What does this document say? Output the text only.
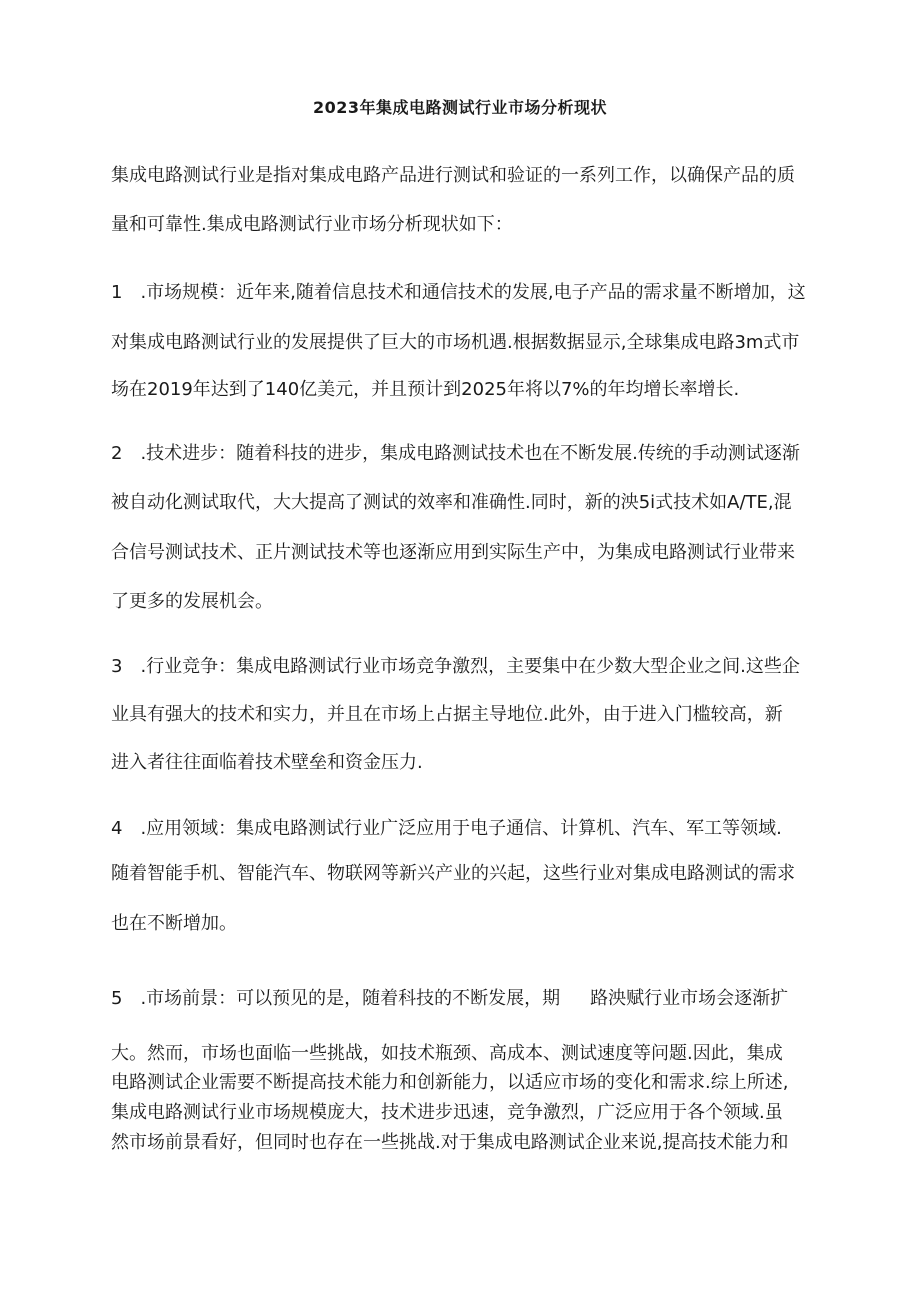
2023年集成电路测试行业市场分析现状
集成电路测试行业是指对集成电路产品进行测试和验证的一系列工作，以确保产品的质
量和可靠性.集成电路测试行业市场分析现状如下：
1　.市场规模：近年来,随着信息技术和通信技术的发展,电子产品的需求量不断增加，这
对集成电路测试行业的发展提供了巨大的市场机遇.根据数据显示,全球集成电路3m式市
场在2019年达到了140亿美元，并且预计到2025年将以7%的年均增长率增长.
2　.技术进步：随着科技的进步，集成电路测试技术也在不断发展.传统的手动测试逐渐
被自动化测试取代，大大提高了测试的效率和准确性.同时，新的泱5i式技术如A/TE,混
合信号测试技术、正片测试技术等也逐渐应用到实际生产中，为集成电路测试行业带来
了更多的发展机会。
3　.行业竞争：集成电路测试行业市场竞争激烈，主要集中在少数大型企业之间.这些企
业具有强大的技术和实力，并且在市场上占据主导地位.此外，由于进入门槛较高，新
进入者往往面临着技术壁垒和资金压力.
4　.应用领域：集成电路测试行业广泛应用于电子通信、计算机、汽车、军工等领域.
随着智能手机、智能汽车、物联网等新兴产业的兴起，这些行业对集成电路测试的需求
也在不断增加。
5　.市场前景：可以预见的是，随着科技的不断发展，期 路泱赋行业市场会逐渐扩
大。然而，市场也面临一些挑战，如技术瓶颈、高成本、测试速度等问题.因此，集成
电路测试企业需要不断提高技术能力和创新能力，以适应市场的变化和需求.综上所述,
集成电路测试行业市场规模庞大，技术进步迅速，竞争激烈，广泛应用于各个领域.虽
然市场前景看好，但同时也存在一些挑战.对于集成电路测试企业来说,提高技术能力和
